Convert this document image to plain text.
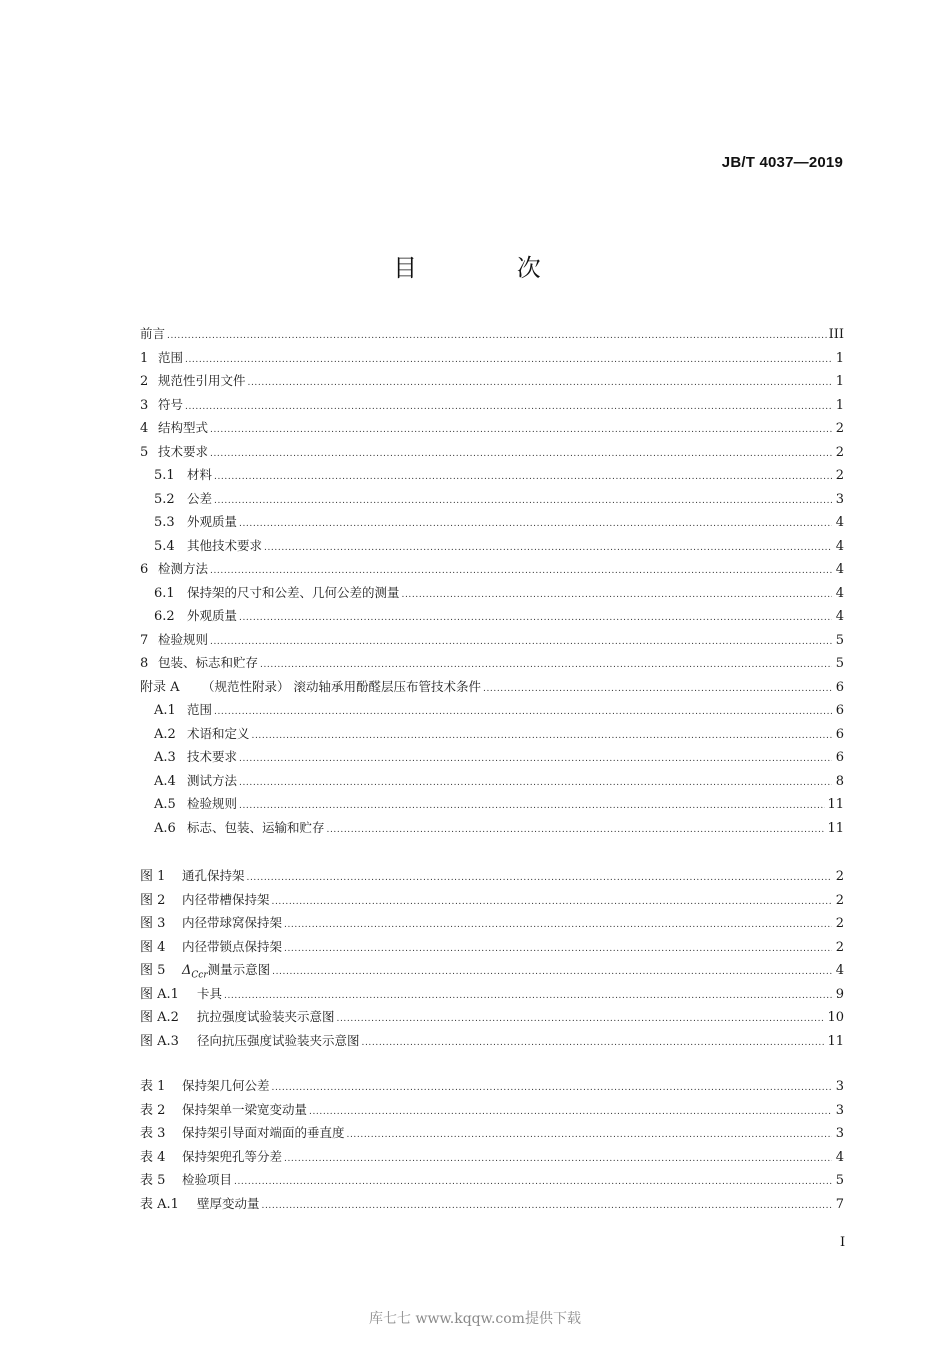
JB/T 4037—2019
目 次
前言 .....	III
1 范围 .....	1
2 规范性引用文件 .....	1
3 符号 .....	1
4 结构型式 .....	2
5 技术要求 .....	2
5.1 材料 .....	2
5.2 公差 .....	3
5.3 外观质量 .....	4
5.4 其他技术要求 .....	4
6 检测方法 .....	4
6.1 保持架的尺寸和公差、几何公差的测量 .....	4
6.2 外观质量 .....	4
7 检验规则 .....	5
8 包装、标志和贮存 .....	5
附录 A	（规范性附录） 滚动轴承用酚醛层压布管技术条件 .....	6
A.1 范围 .....	6
A.2 术语和定义 .....	6
A.3 技术要求 .....	6
A.4 测试方法 .....	8
A.5 检验规则 .....	11
A.6 标志、包装、运输和贮存 .....	11
图 1	通孔保持架 .....	2
图 2	内径带槽保持架 .....	2
图 3	内径带球窝保持架 .....	2
图 4	内径带锁点保持架 .....	2
图 5	$\Delta_{Ccr}$ 测量示意图 .....	4
图 A.1	卡具 .....	9
图 A.2	抗拉强度试验装夹示意图 .....	10
图 A.3	径向抗压强度试验装夹示意图 .....	11
表 1	保持架几何公差 .....	3
表 2	保持架单一梁宽变动量 .....	3
表 3	保持架引导面对端面的垂直度 .....	3
表 4	保持架兜孔等分差 .....	4
表 5	检验项目 .....	5
表 A.1	壁厚变动量 .....	7
I
库七七 www.kqqw.com提供下载
